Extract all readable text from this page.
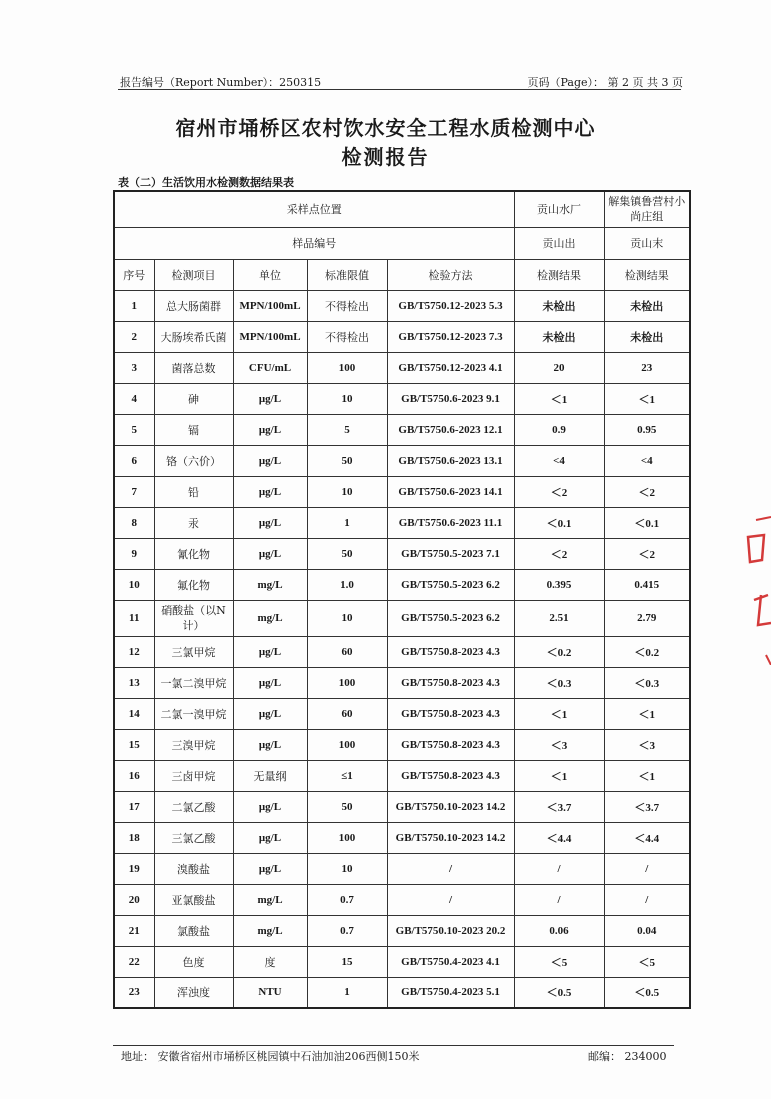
报告编号（Report Number）：250315	页码（Page）： 第 2 页 共 3 页
宿州市埇桥区农村饮水安全工程水质检测中心
检测报告
表（二）生活饮用水检测数据结果表
采样点位置					贡山水厂	解集镇鲁营村小尚庄组
样品编号					贡山出	贡山末
序号	检测项目	单位	标准限值	检验方法	检测结果	检测结果
1	总大肠菌群	MPN/100mL	不得检出	GB/T5750.12-2023 5.3	未检出	未检出
2	大肠埃希氏菌	MPN/100mL	不得检出	GB/T5750.12-2023 7.3	未检出	未检出
3	菌落总数	CFU/mL	100	GB/T5750.12-2023 4.1	20	23
4	砷	μg/L	10	GB/T5750.6-2023 9.1	＜1	＜1
5	镉	μg/L	5	GB/T5750.6-2023 12.1	0.9	0.95
6	铬（六价）	μg/L	50	GB/T5750.6-2023 13.1	<4	<4
7	铅	μg/L	10	GB/T5750.6-2023 14.1	＜2	＜2
8	汞	μg/L	1	GB/T5750.6-2023 11.1	＜0.1	＜0.1
9	氰化物	μg/L	50	GB/T5750.5-2023 7.1	＜2	＜2
10	氟化物	mg/L	1.0	GB/T5750.5-2023 6.2	0.395	0.415
11	硝酸盐（以N计）	mg/L	10	GB/T5750.5-2023 6.2	2.51	2.79
12	三氯甲烷	μg/L	60	GB/T5750.8-2023 4.3	＜0.2	＜0.2
13	一氯二溴甲烷	μg/L	100	GB/T5750.8-2023 4.3	＜0.3	＜0.3
14	二氯一溴甲烷	μg/L	60	GB/T5750.8-2023 4.3	＜1	＜1
15	三溴甲烷	μg/L	100	GB/T5750.8-2023 4.3	＜3	＜3
16	三卤甲烷	无量纲	≤1	GB/T5750.8-2023 4.3	＜1	＜1
17	二氯乙酸	μg/L	50	GB/T5750.10-2023 14.2	＜3.7	＜3.7
18	三氯乙酸	μg/L	100	GB/T5750.10-2023 14.2	＜4.4	＜4.4
19	溴酸盐	μg/L	10	/	/	/
20	亚氯酸盐	mg/L	0.7	/	/	/
21	氯酸盐	mg/L	0.7	GB/T5750.10-2023 20.2	0.06	0.04
22	色度	度	15	GB/T5750.4-2023 4.1	＜5	＜5
23	浑浊度	NTU	1	GB/T5750.4-2023 5.1	＜0.5	＜0.5
地址： 安徽省宿州市埇桥区桃园镇中石油加油206西侧150米	邮编： 234000
